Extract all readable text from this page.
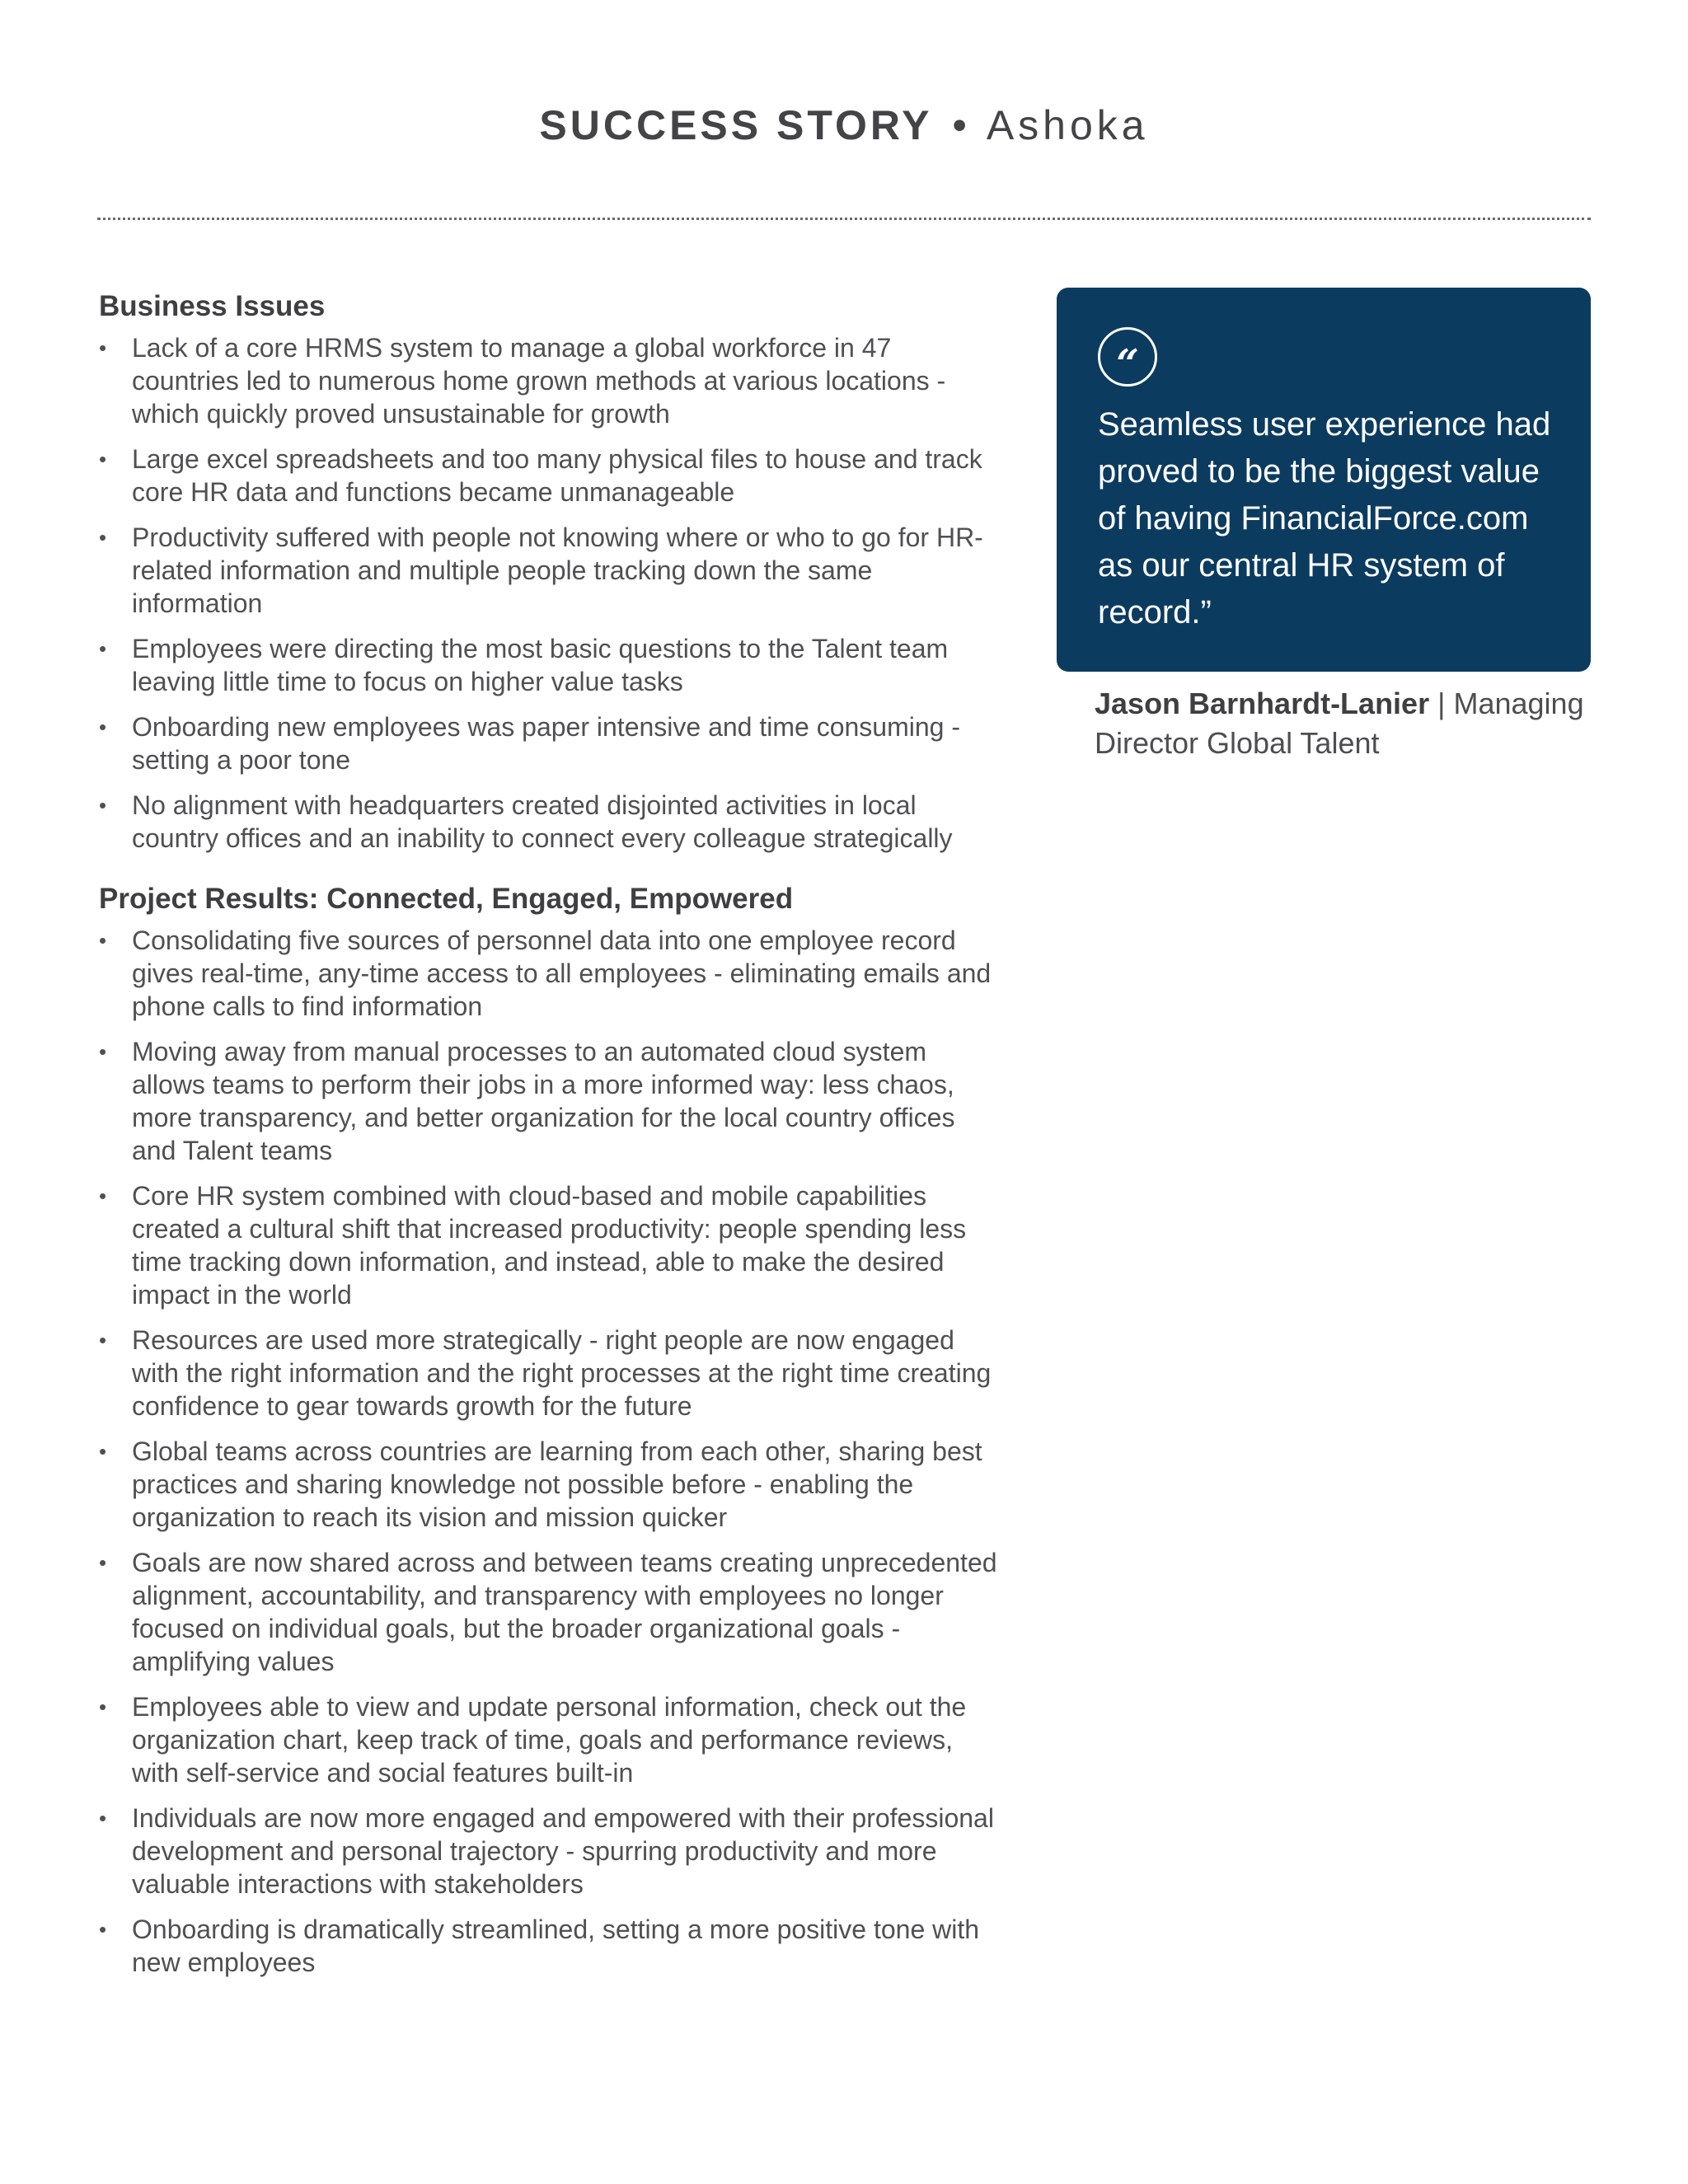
SUCCESS STORY • Ashoka
Business Issues
• Lack of a core HRMS system to manage a global workforce in 47 countries led to numerous home grown methods at various locations - which quickly proved unsustainable for growth
• Large excel spreadsheets and too many physical files to house and track core HR data and functions became unmanageable
• Productivity suffered with people not knowing where or who to go for HR-related information and multiple people tracking down the same information
• Employees were directing the most basic questions to the Talent team leaving little time to focus on higher value tasks
• Onboarding new employees was paper intensive and time consuming - setting a poor tone
• No alignment with headquarters created disjointed activities in local country offices and an inability to connect every colleague strategically
Project Results: Connected, Engaged, Empowered
• Consolidating five sources of personnel data into one employee record gives real-time, any-time access to all employees - eliminating emails and phone calls to find information
• Moving away from manual processes to an automated cloud system allows teams to perform their jobs in a more informed way: less chaos, more transparency, and better organization for the local country offices and Talent teams
• Core HR system combined with cloud-based and mobile capabilities created a cultural shift that increased productivity: people spending less time tracking down information, and instead, able to make the desired impact in the world
• Resources are used more strategically - right people are now engaged with the right information and the right processes at the right time creating confidence to gear towards growth for the future
• Global teams across countries are learning from each other, sharing best practices and sharing knowledge not possible before - enabling the organization to reach its vision and mission quicker
• Goals are now shared across and between teams creating unprecedented alignment, accountability, and transparency with employees no longer focused on individual goals, but the broader organizational goals - amplifying values
• Employees able to view and update personal information, check out the organization chart, keep track of time, goals and performance reviews, with self-service and social features built-in
• Individuals are now more engaged and empowered with their professional development and personal trajectory - spurring productivity and more valuable interactions with stakeholders
• Onboarding is dramatically streamlined, setting a more positive tone with new employees
“
Seamless user experience had proved to be the biggest value of having FinancialForce.com as our central HR system of record.”
Jason Barnhardt-Lanier | Managing Director Global Talent
